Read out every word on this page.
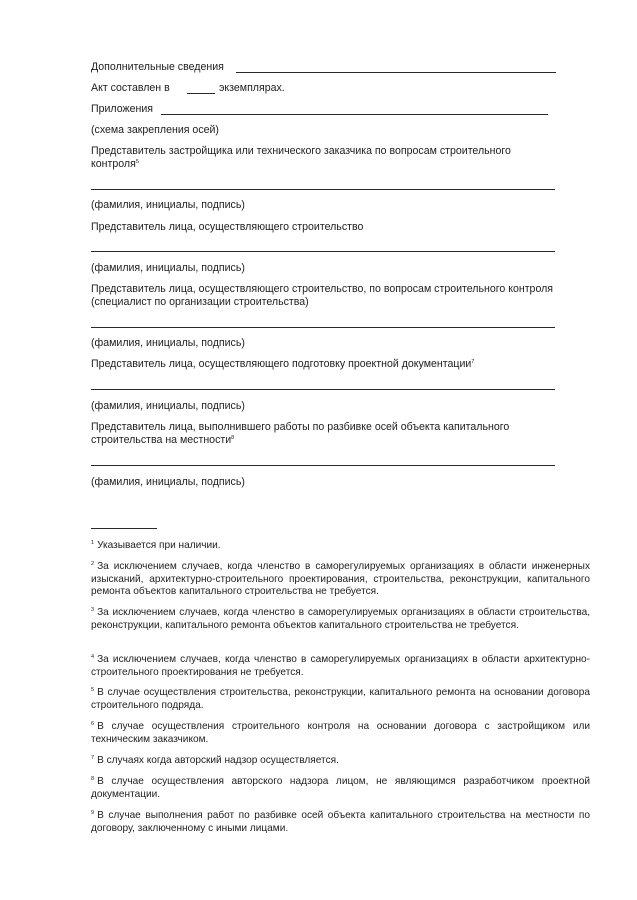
Дополнительные сведения

Акт составлен в	экземплярах.

Приложения

(схема закрепления осей)

Представитель застройщика или технического заказчика по вопросам строительного

контроля$^5$

(фамилия, инициалы, подпись)

Представитель лица, осуществляющего строительство

(фамилия, инициалы, подпись)

Представитель лица, осуществляющего строительство, по вопросам строительного контроля

(специалист по организации строительства)

(фамилия, инициалы, подпись)

Представитель лица, осуществляющего подготовку проектной документации$^7$

(фамилия, инициалы, подпись)

Представитель лица, выполнившего работы по разбивке осей объекта капитального

строительства на местности$^8$

(фамилия, инициалы, подпись)

$^1$ Указывается при наличии.

$^2$ За исключением случаев, когда членство в саморегулируемых организациях в области инженерных изысканий, архитектурно-строительного проектирования, строительства, реконструкции, капитального ремонта объектов капитального строительства не требуется.

$^3$ За исключением случаев, когда членство в саморегулируемых организациях в области строительства, реконструкции, капитального ремонта объектов капитального строительства не требуется.

$^4$ За исключением случаев, когда членство в саморегулируемых организациях в области архитектурно-строительного проектирования не требуется.

$^5$ В случае осуществления строительства, реконструкции, капитального ремонта на основании договора строительного подряда.

$^6$ В случае осуществления строительного контроля на основании договора с застройщиком или техническим заказчиком.

$^7$ В случаях когда авторский надзор осуществляется.

$^8$ В случае осуществления авторского надзора лицом, не являющимся разработчиком проектной документации.

$^9$ В случае выполнения работ по разбивке осей объекта капитального строительства на местности по договору, заключенному с иными лицами.
